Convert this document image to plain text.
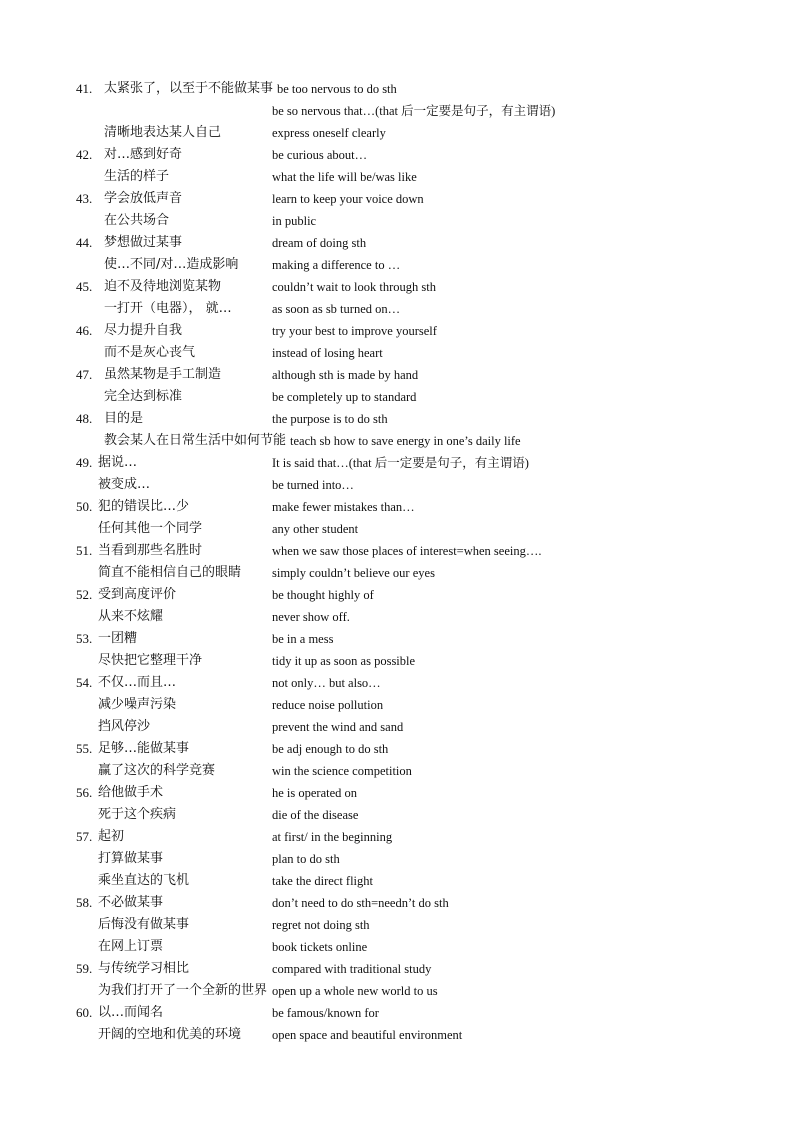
41. 太紧张了，以至于不能做某事 be too nervous to do sth
be so nervous that…(that 后一定要是句子，有主谓语)
清晰地表达某人自己	express oneself clearly
42. 对…感到好奇	be curious about…
生活的样子	what the life will be/was like
43. 学会放低声音	learn to keep your voice down
在公共场合	in public
44. 梦想做过某事	dream of doing sth
使…不同/对…造成影响	making a difference to …
45. 迫不及待地浏览某物	couldn’t wait to look through sth
一打开（电器）， 就…	as soon as sb turned on…
46. 尽力提升自我	try your best to improve yourself
而不是灰心丧气	instead of losing heart
47. 虽然某物是手工制造	although sth is made by hand
完全达到标准	be completely up to standard
48. 目的是	the purpose is to do sth
教会某人在日常生活中如何节能 teach sb how to save energy in one’s daily life
49. 据说…	It is said that…(that 后一定要是句子，有主谓语)
被变成…	be turned into…
50. 犯的错误比…少	make fewer mistakes than…
任何其他一个同学	any other student
51. 当看到那些名胜时	when we saw those places of interest=when seeing….
简直不能相信自己的眼睛 simply couldn’t believe our eyes
52. 受到高度评价	be thought highly of
从来不炫耀	never show off.
53. 一团糟	be in a mess
尽快把它整理干净	tidy it up as soon as possible
54. 不仅…而且…	not only… but also…
减少噪声污染	reduce noise pollution
挡风停沙	prevent the wind and sand
55. 足够…能做某事	be adj enough to do sth
赢了这次的科学竞赛	win the science competition
56. 给他做手术	he is operated on
死于这个疾病	die of the disease
57. 起初	at first/ in the beginning
打算做某事	plan to do sth
乘坐直达的飞机	take the direct flight
58. 不必做某事	don’t need to do sth=needn’t do sth
后悔没有做某事	regret not doing sth
在网上订票	book tickets online
59. 与传统学习相比	compared with traditional study
为我们打开了一个全新的世界 open up a whole new world to us
60. 以…而闻名	be famous/known for
开阔的空地和优美的环境 open space and beautiful environment
